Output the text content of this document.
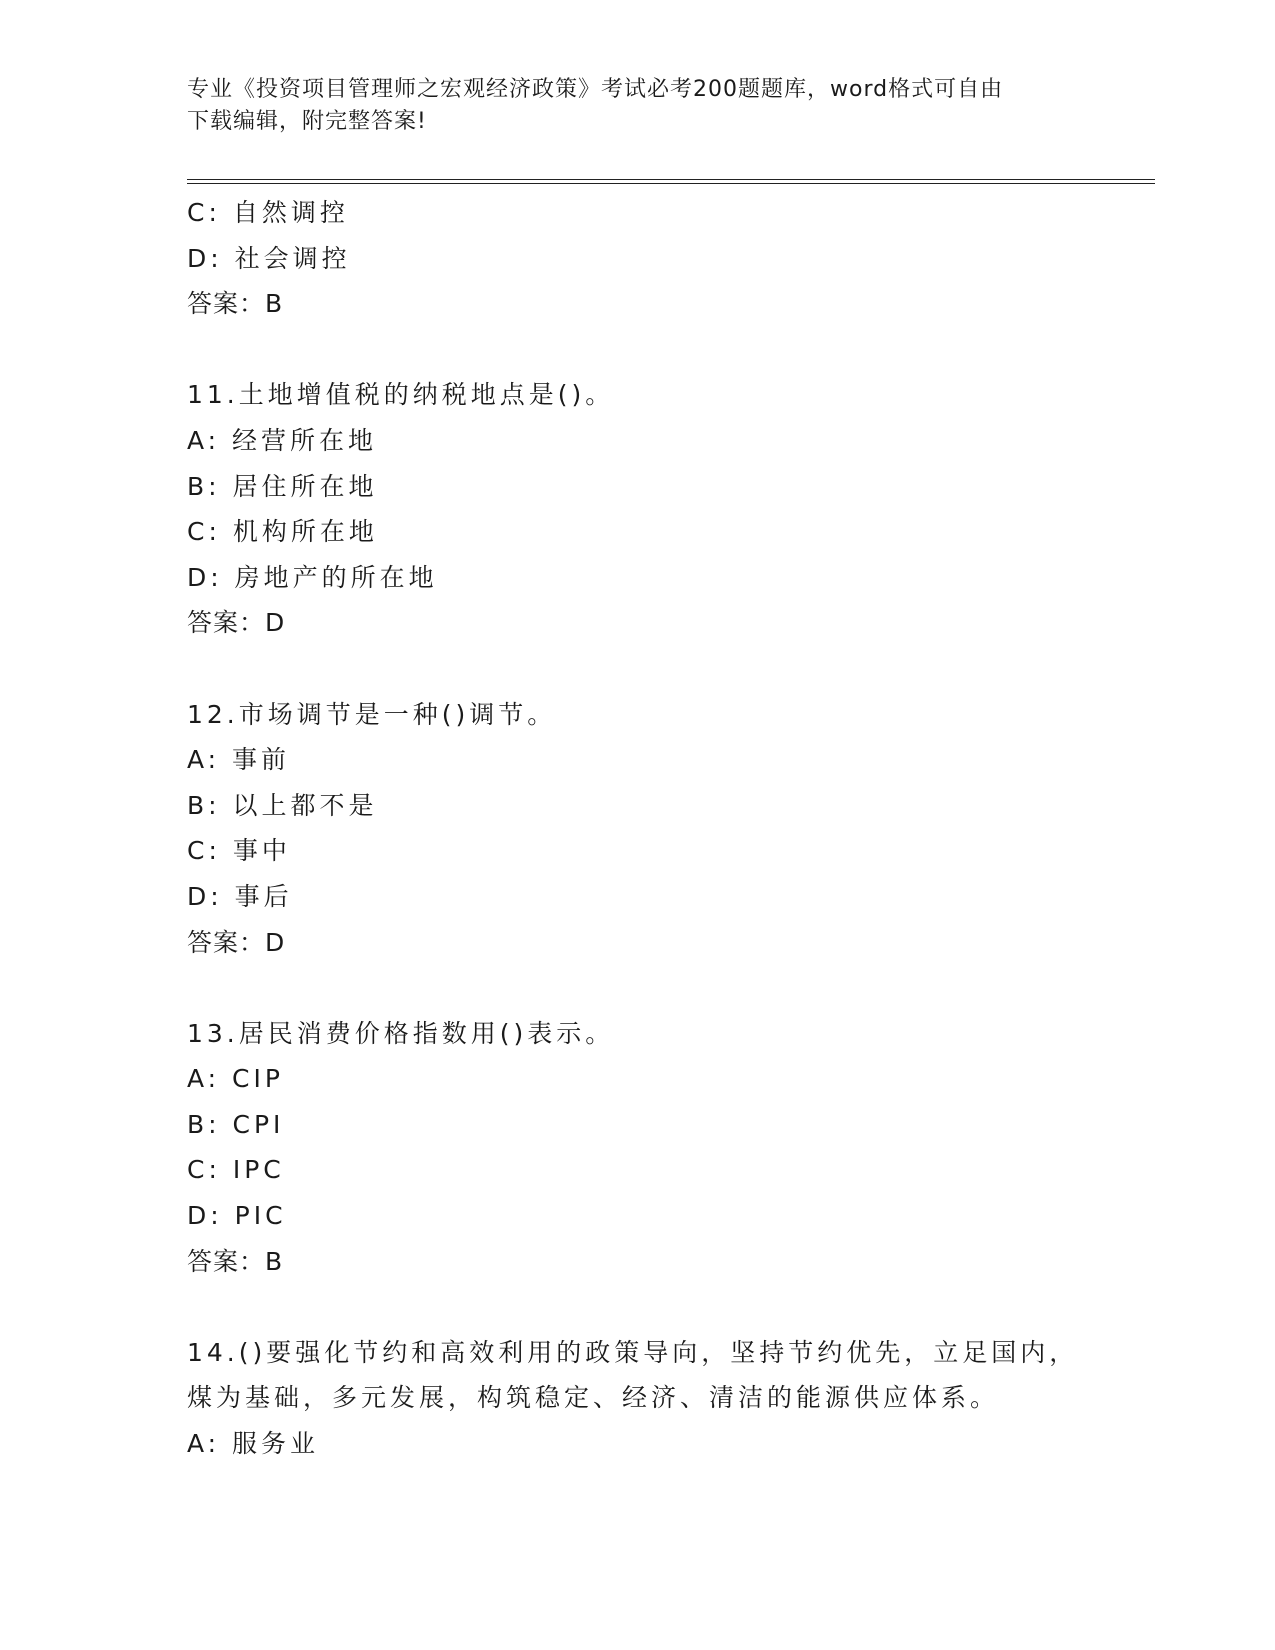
专业《投资项目管理师之宏观经济政策》考试必考200题题库，word格式可自由
下载编辑，附完整答案!
C: 自然调控
D: 社会调控
答案：B
11.土地增值税的纳税地点是()。
A: 经营所在地
B: 居住所在地
C: 机构所在地
D: 房地产的所在地
答案：D
12.市场调节是一种()调节。
A: 事前
B: 以上都不是
C: 事中
D: 事后
答案：D
13.居民消费价格指数用()表示。
A: CIP
B: CPI
C: IPC
D: PIC
答案：B
14.()要强化节约和高效利用的政策导向，坚持节约优先，立足国内，
煤为基础，多元发展，构筑稳定、经济、清洁的能源供应体系。
A: 服务业
